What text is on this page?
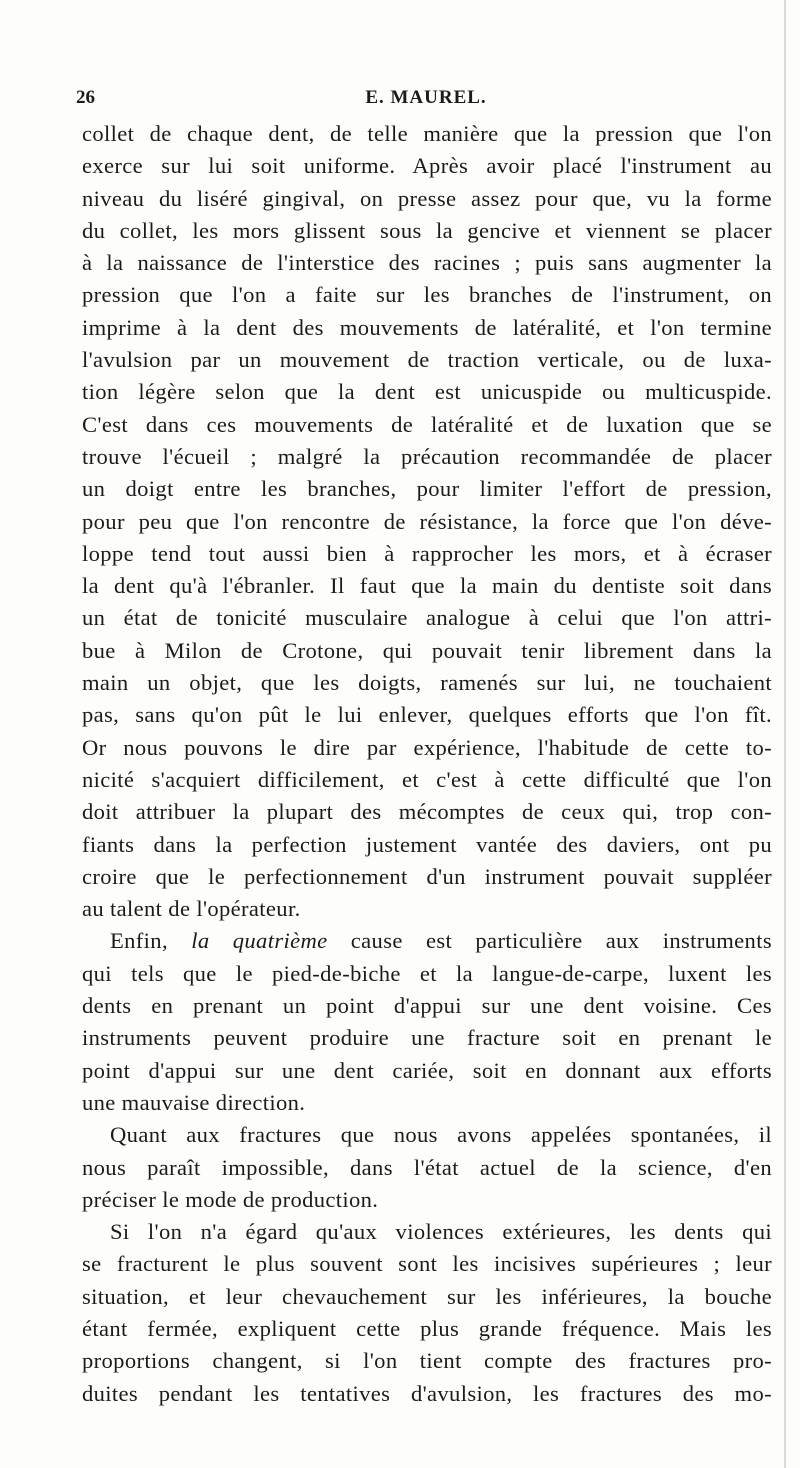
26	E. MAUREL.
collet de chaque dent, de telle manière que la pression que l'on
exerce sur lui soit uniforme. Après avoir placé l'instrument au
niveau du liséré gingival, on presse assez pour que, vu la forme
du collet, les mors glissent sous la gencive et viennent se placer
à la naissance de l'interstice des racines ; puis sans augmenter la
pression que l'on a faite sur les branches de l'instrument, on
imprime à la dent des mouvements de latéralité, et l'on termine
l'avulsion par un mouvement de traction verticale, ou de luxa-
tion légère selon que la dent est unicuspide ou multicuspide.
C'est dans ces mouvements de latéralité et de luxation que se
trouve l'écueil ; malgré la précaution recommandée de placer
un doigt entre les branches, pour limiter l'effort de pression,
pour peu que l'on rencontre de résistance, la force que l'on déve-
loppe tend tout aussi bien à rapprocher les mors, et à écraser
la dent qu'à l'ébranler. Il faut que la main du dentiste soit dans
un état de tonicité musculaire analogue à celui que l'on attri-
bue à Milon de Crotone, qui pouvait tenir librement dans la
main un objet, que les doigts, ramenés sur lui, ne touchaient
pas, sans qu'on pût le lui enlever, quelques efforts que l'on fît.
Or nous pouvons le dire par expérience, l'habitude de cette to-
nicité s'acquiert difficilement, et c'est à cette difficulté que l'on
doit attribuer la plupart des mécomptes de ceux qui, trop con-
fiants dans la perfection justement vantée des daviers, ont pu
croire que le perfectionnement d'un instrument pouvait suppléer
au talent de l'opérateur.
Enfin, la quatrième cause est particulière aux instruments
qui tels que le pied-de-biche et la langue-de-carpe, luxent les
dents en prenant un point d'appui sur une dent voisine. Ces
instruments peuvent produire une fracture soit en prenant le
point d'appui sur une dent cariée, soit en donnant aux efforts
une mauvaise direction.
Quant aux fractures que nous avons appelées spontanées, il
nous paraît impossible, dans l'état actuel de la science, d'en
préciser le mode de production.
Si l'on n'a égard qu'aux violences extérieures, les dents qui
se fracturent le plus souvent sont les incisives supérieures ; leur
situation, et leur chevauchement sur les inférieures, la bouche
étant fermée, expliquent cette plus grande fréquence. Mais les
proportions changent, si l'on tient compte des fractures pro-
duites pendant les tentatives d'avulsion, les fractures des mo-
